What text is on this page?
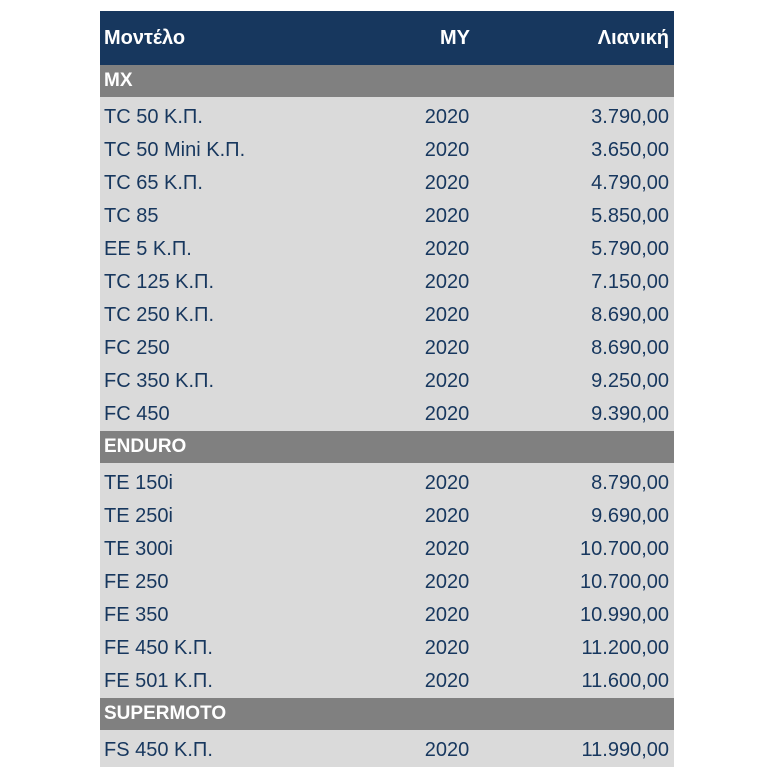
Μοντέλο	MY	Λιανική
MX
TC 50 Κ.Π.	2020	3.790,00
TC 50 Mini Κ.Π.	2020	3.650,00
TC 65 Κ.Π.	2020	4.790,00
TC 85	2020	5.850,00
EE 5 Κ.Π.	2020	5.790,00
TC 125 Κ.Π.	2020	7.150,00
TC 250 Κ.Π.	2020	8.690,00
FC 250	2020	8.690,00
FC 350 Κ.Π.	2020	9.250,00
FC 450	2020	9.390,00
ENDURO
TE 150i	2020	8.790,00
TE 250i	2020	9.690,00
TE 300i	2020	10.700,00
FE 250	2020	10.700,00
FE 350	2020	10.990,00
FE 450 Κ.Π.	2020	11.200,00
FE 501 Κ.Π.	2020	11.600,00
SUPERMOTO
FS 450 Κ.Π.	2020	11.990,00
